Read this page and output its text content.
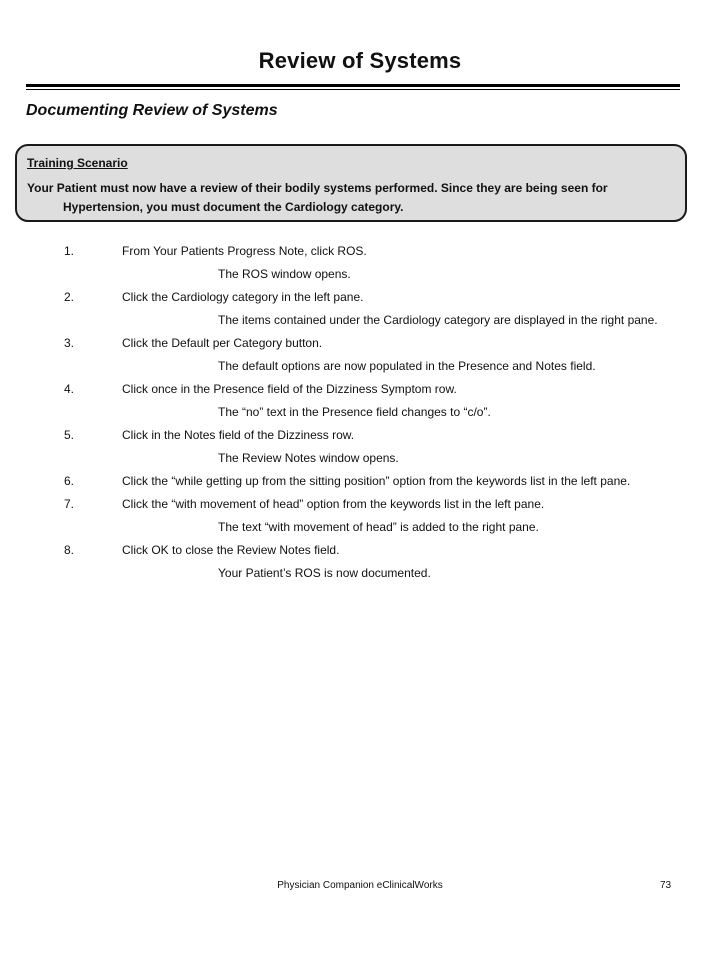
Review of Systems
Documenting Review of Systems
Training Scenario
Your Patient must now have a review of their bodily systems performed. Since they are being seen for Hypertension, you must document the Cardiology category.
1.	From Your Patients Progress Note, click ROS.
The ROS window opens.
2.	Click the Cardiology category in the left pane.
The items contained under the Cardiology category are displayed in the right pane.
3.	Click the Default per Category button.
The default options are now populated in the Presence and Notes field.
4.	Click once in the Presence field of the Dizziness Symptom row.
The “no” text in the Presence field changes to “c/o”.
5.	Click in the Notes field of the Dizziness row.
The Review Notes window opens.
6.	Click the “while getting up from the sitting position” option from the keywords list in the left pane.
7.	Click the “with movement of head” option from the keywords list in the left pane.
The text “with movement of head” is added to the right pane.
8.	Click OK to close the Review Notes field.
Your Patient’s ROS is now documented.
Physician Companion eClinicalWorks	73
